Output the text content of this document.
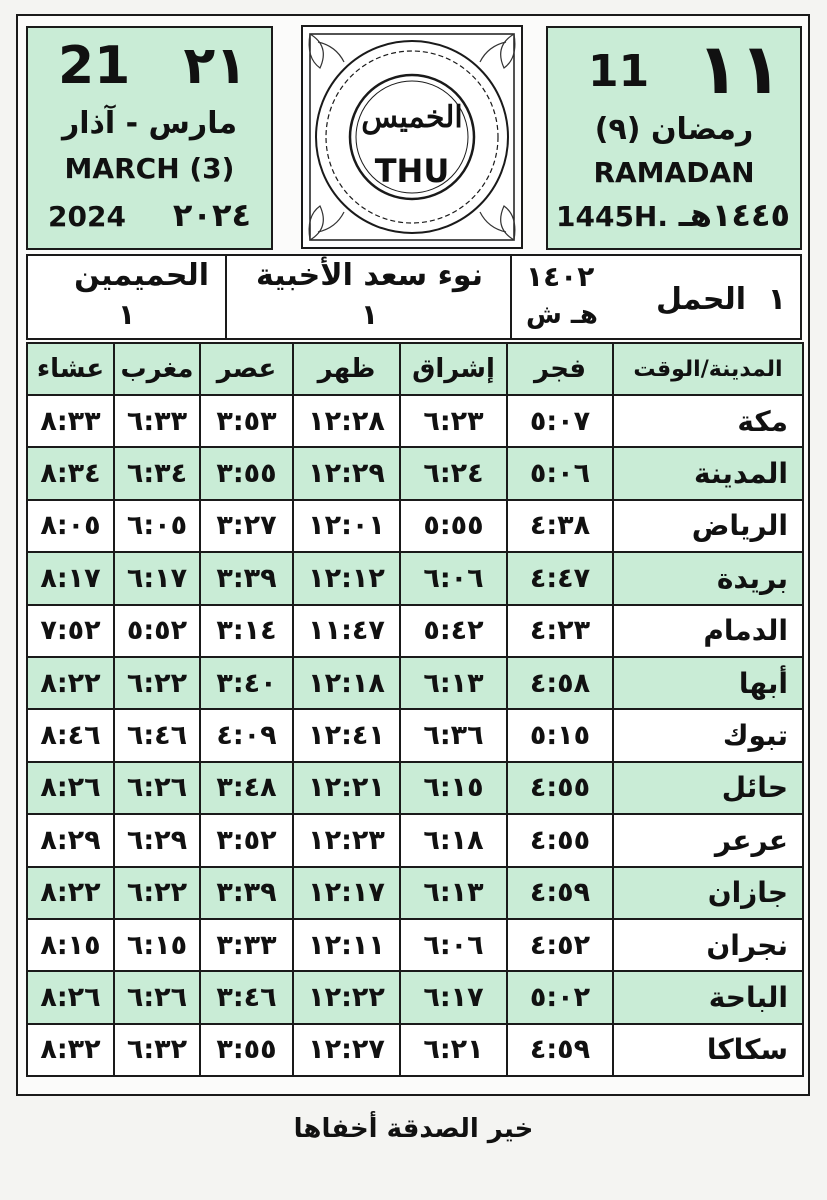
21 ٢١
مارس - آذار
MARCH (3)
2024 ٢٠٢٤
الخميس
THU
11 ١١
رمضان (٩)
RAMADAN
1445H. ١٤٤٥هـ
١
الحمل
١٤٠٢
هـ ش
نوء سعد الأخبية
١
الحميمين
١
المدينة/الوقت	فجر	إشراق	ظهر	عصر	مغرب	عشاء
مكة	٥:٠٧	٦:٢٣	١٢:٢٨	٣:٥٣	٦:٣٣	٨:٣٣
المدينة	٥:٠٦	٦:٢٤	١٢:٢٩	٣:٥٥	٦:٣٤	٨:٣٤
الرياض	٤:٣٨	٥:٥٥	١٢:٠١	٣:٢٧	٦:٠٥	٨:٠٥
بريدة	٤:٤٧	٦:٠٦	١٢:١٢	٣:٣٩	٦:١٧	٨:١٧
الدمام	٤:٢٣	٥:٤٢	١١:٤٧	٣:١٤	٥:٥٢	٧:٥٢
أبها	٤:٥٨	٦:١٣	١٢:١٨	٣:٤٠	٦:٢٢	٨:٢٢
تبوك	٥:١٥	٦:٣٦	١٢:٤١	٤:٠٩	٦:٤٦	٨:٤٦
حائل	٤:٥٥	٦:١٥	١٢:٢١	٣:٤٨	٦:٢٦	٨:٢٦
عرعر	٤:٥٥	٦:١٨	١٢:٢٣	٣:٥٢	٦:٢٩	٨:٢٩
جازان	٤:٥٩	٦:١٣	١٢:١٧	٣:٣٩	٦:٢٢	٨:٢٢
نجران	٤:٥٢	٦:٠٦	١٢:١١	٣:٣٣	٦:١٥	٨:١٥
الباحة	٥:٠٢	٦:١٧	١٢:٢٢	٣:٤٦	٦:٢٦	٨:٢٦
سكاكا	٤:٥٩	٦:٢١	١٢:٢٧	٣:٥٥	٦:٣٢	٨:٣٢
خير الصدقة أخفاها
